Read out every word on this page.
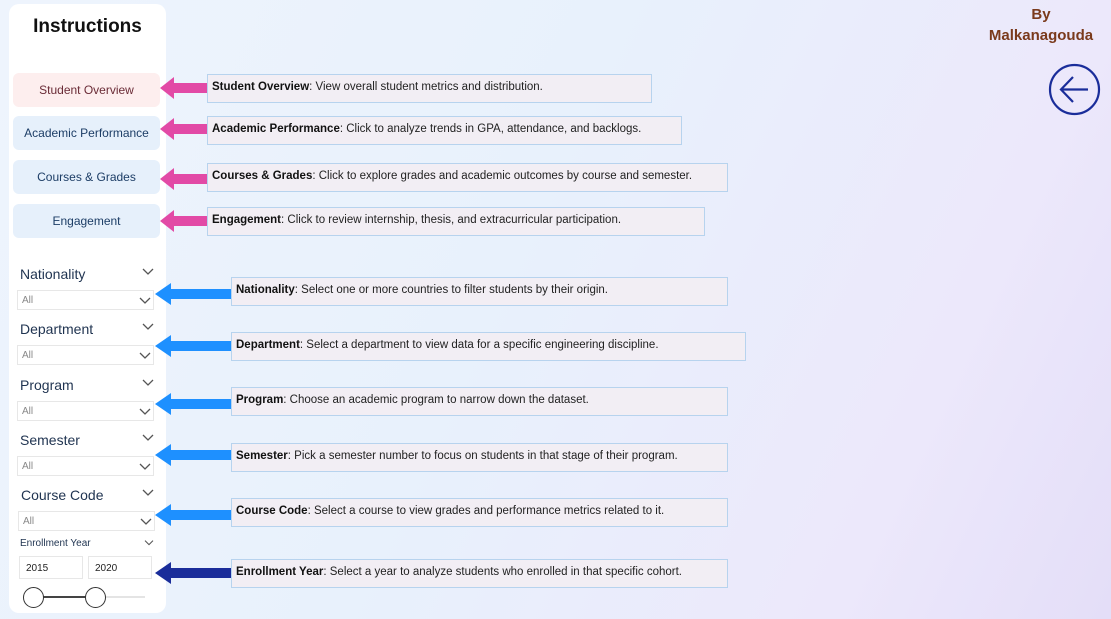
Instructions
Student Overview
Academic Performance
Courses & Grades
Engagement
Nationality
All
Department
All
Program
All
Semester
All
Course Code
All
Enrollment Year
2015	2020
Student Overview: View overall student metrics and distribution.
Academic Performance: Click to analyze trends in GPA, attendance, and backlogs.
Courses & Grades: Click to explore grades and academic outcomes by course and semester.
Engagement: Click to review internship, thesis, and extracurricular participation.
Nationality: Select one or more countries to filter students by their origin.
Department: Select a department to view data for a specific engineering discipline.
Program: Choose an academic program to narrow down the dataset.
Semester: Pick a semester number to focus on students in that stage of their program.
Course Code: Select a course to view grades and performance metrics related to it.
Enrollment Year: Select a year to analyze students who enrolled in that specific cohort.
By
Malkanagouda
